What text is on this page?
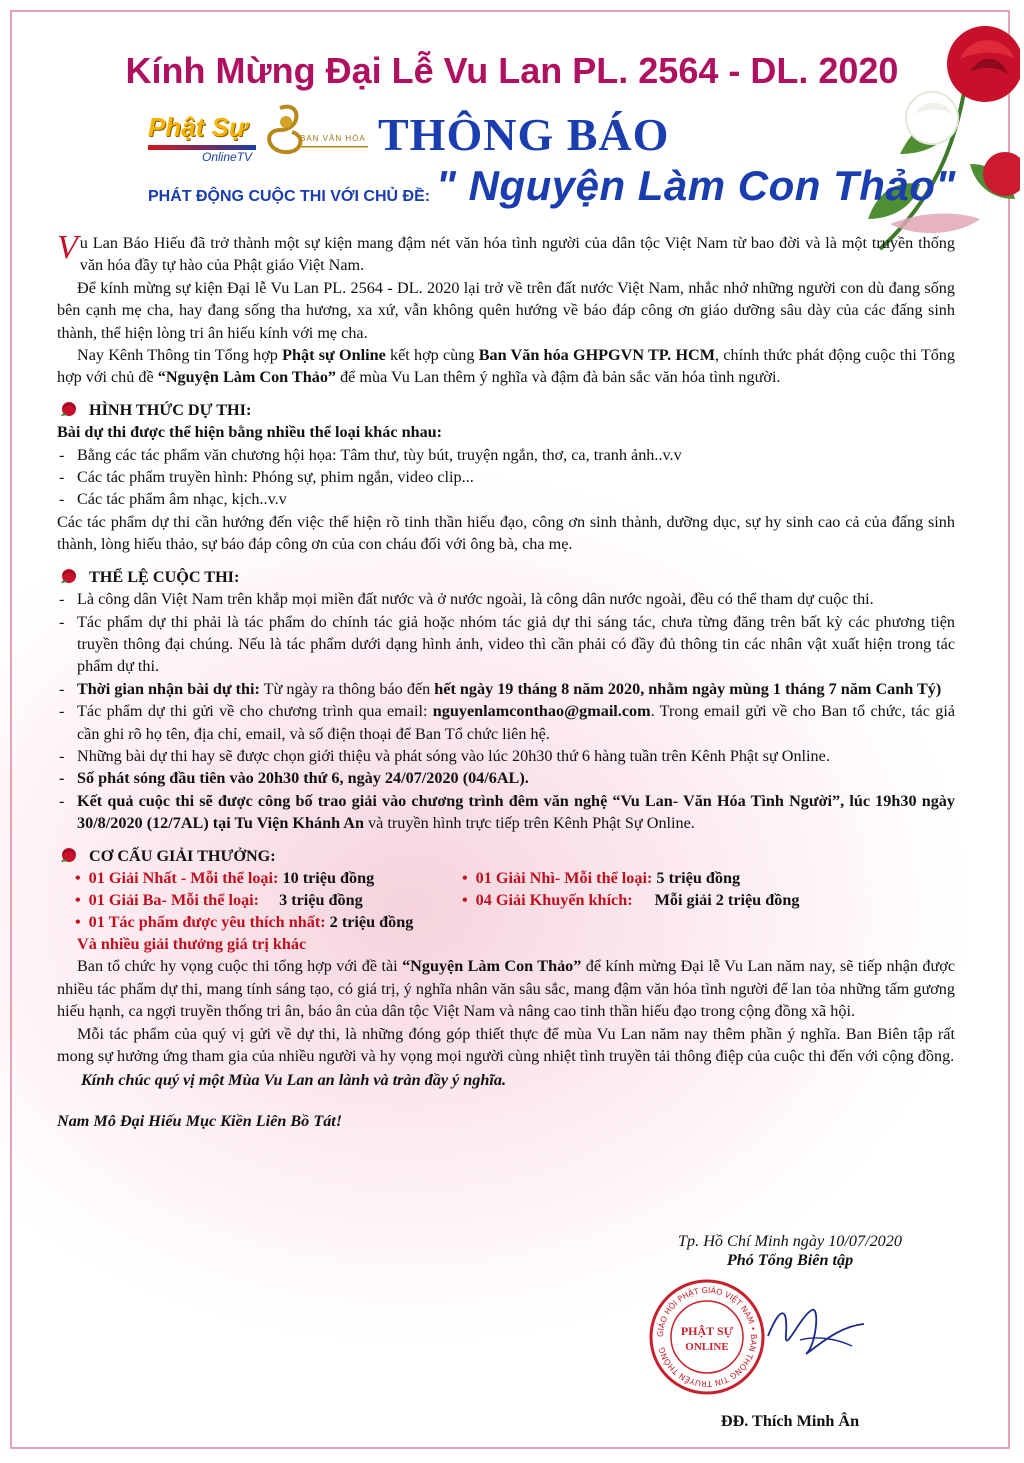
Kính Mừng Đại Lễ Vu Lan PL. 2564 - DL. 2020
Phật Sự
OnlineTV
BAN VĂN HÓA THÔNG BÁO
PHÁT ĐỘNG CUỘC THI VỚI CHỦ ĐỀ: " Nguyện Làm Con Thảo"

Vu Lan Báo Hiếu đã trở thành một sự kiện mang đậm nét văn hóa tình người của dân tộc Việt Nam từ bao đời và là một truyền thống văn hóa đầy tự hào của Phật giáo Việt Nam.

Để kính mừng sự kiện Đại lễ Vu Lan PL. 2564 - DL. 2020 lại trở về trên đất nước Việt Nam, nhắc nhở những người con dù đang sống bên cạnh mẹ cha, hay đang sống tha hương, xa xứ, vẫn không quên hướng về báo đáp công ơn giáo dưỡng sâu dày của các đấng sinh thành, thể hiện lòng tri ân hiếu kính với mẹ cha.

Nay Kênh Thông tin Tổng hợp Phật sự Online kết hợp cùng Ban Văn hóa GHPGVN TP. HCM, chính thức phát động cuộc thi Tổng hợp với chủ đề “Nguyện Làm Con Thảo” để mùa Vu Lan thêm ý nghĩa và đậm đà bản sắc văn hóa tình người.

HÌNH THỨC DỰ THI:

Bài dự thi được thể hiện bằng nhiều thể loại khác nhau:

- Bằng các tác phẩm văn chương hội họa: Tâm thư, tùy bút, truyện ngắn, thơ, ca, tranh ảnh..v.v

- Các tác phẩm truyền hình: Phóng sự, phim ngắn, video clip...

- Các tác phẩm âm nhạc, kịch..v.v

Các tác phẩm dự thi cần hướng đến việc thể hiện rõ tinh thần hiếu đạo, công ơn sinh thành, dưỡng dục, sự hy sinh cao cả của đấng sinh thành, lòng hiếu thảo, sự báo đáp công ơn của con cháu đối với ông bà, cha mẹ.

THỂ LỆ CUỘC THI:

- Là công dân Việt Nam trên khắp mọi miền đất nước và ở nước ngoài, là công dân nước ngoài, đều có thể tham dự cuộc thi.

- Tác phẩm dự thi phải là tác phẩm do chính tác giả hoặc nhóm tác giả dự thi sáng tác, chưa từng đăng trên bất kỳ các phương tiện truyền thông đại chúng. Nếu là tác phẩm dưới dạng hình ảnh, video thì cần phải có đầy đủ thông tin các nhân vật xuất hiện trong tác phẩm dự thi.

- Thời gian nhận bài dự thi: Từ ngày ra thông báo đến hết ngày 19 tháng 8 năm 2020, nhằm ngày mùng 1 tháng 7 năm Canh Tý)

- Tác phẩm dự thi gửi về cho chương trình qua email: nguyenlamconthao@gmail.com. Trong email gửi về cho Ban tổ chức, tác giả cần ghi rõ họ tên, địa chỉ, email, và số điện thoại để Ban Tổ chức liên hệ.

- Những bài dự thi hay sẽ được chọn giới thiệu và phát sóng vào lúc 20h30 thứ 6 hàng tuần trên Kênh Phật sự Online.

- Số phát sóng đầu tiên vào 20h30 thứ 6, ngày 24/07/2020 (04/6AL).

- Kết quả cuộc thi sẽ được công bố trao giải vào chương trình đêm văn nghệ “Vu Lan- Văn Hóa Tình Người”, lúc 19h30 ngày 30/8/2020 (12/7AL) tại Tu Viện Khánh An và truyền hình trực tiếp trên Kênh Phật Sự Online.

CƠ CẤU GIẢI THƯỞNG:
• 01 Giải Nhất - Mỗi thể loại: 10 triệu đồng	• 01 Giải Nhì- Mỗi thể loại: 5 triệu đồng
• 01 Giải Ba- Mỗi thể loại: 3 triệu đồng	• 04 Giải Khuyến khích: Mỗi giải 2 triệu đồng
• 01 Tác phẩm được yêu thích nhất: 2 triệu đồng

Và nhiều giải thưởng giá trị khác

Ban tổ chức hy vọng cuộc thi tổng hợp với đề tài “Nguyện Làm Con Thảo” để kính mừng Đại lễ Vu Lan năm nay, sẽ tiếp nhận được nhiều tác phẩm dự thi, mang tính sáng tạo, có giá trị, ý nghĩa nhân văn sâu sắc, mang đậm văn hóa tình người để lan tỏa những tấm gương hiếu hạnh, ca ngợi truyền thống tri ân, báo ân của dân tộc Việt Nam và nâng cao tinh thần hiếu đạo trong cộng đồng xã hội.

Mỗi tác phẩm của quý vị gửi về dự thi, là những đóng góp thiết thực để mùa Vu Lan năm nay thêm phần ý nghĩa. Ban Biên tập rất mong sự hưởng ứng tham gia của nhiều người và hy vọng mọi người cùng nhiệt tình truyền tải thông điệp của cuộc thi đến với cộng đồng.

Kính chúc quý vị một Mùa Vu Lan an lành và tràn đầy ý nghĩa.

Nam Mô Đại Hiếu Mục Kiền Liên Bồ Tát!

Tp. Hồ Chí Minh ngày 10/07/2020

Phó Tổng Biên tập

ĐĐ. Thích Minh Ân

GIÁO HỘI PHẬT GIÁO VIỆT NAM • BAN THÔNG TIN TRUYỀN THÔNG
PHẬT SỰ
ONLINE
